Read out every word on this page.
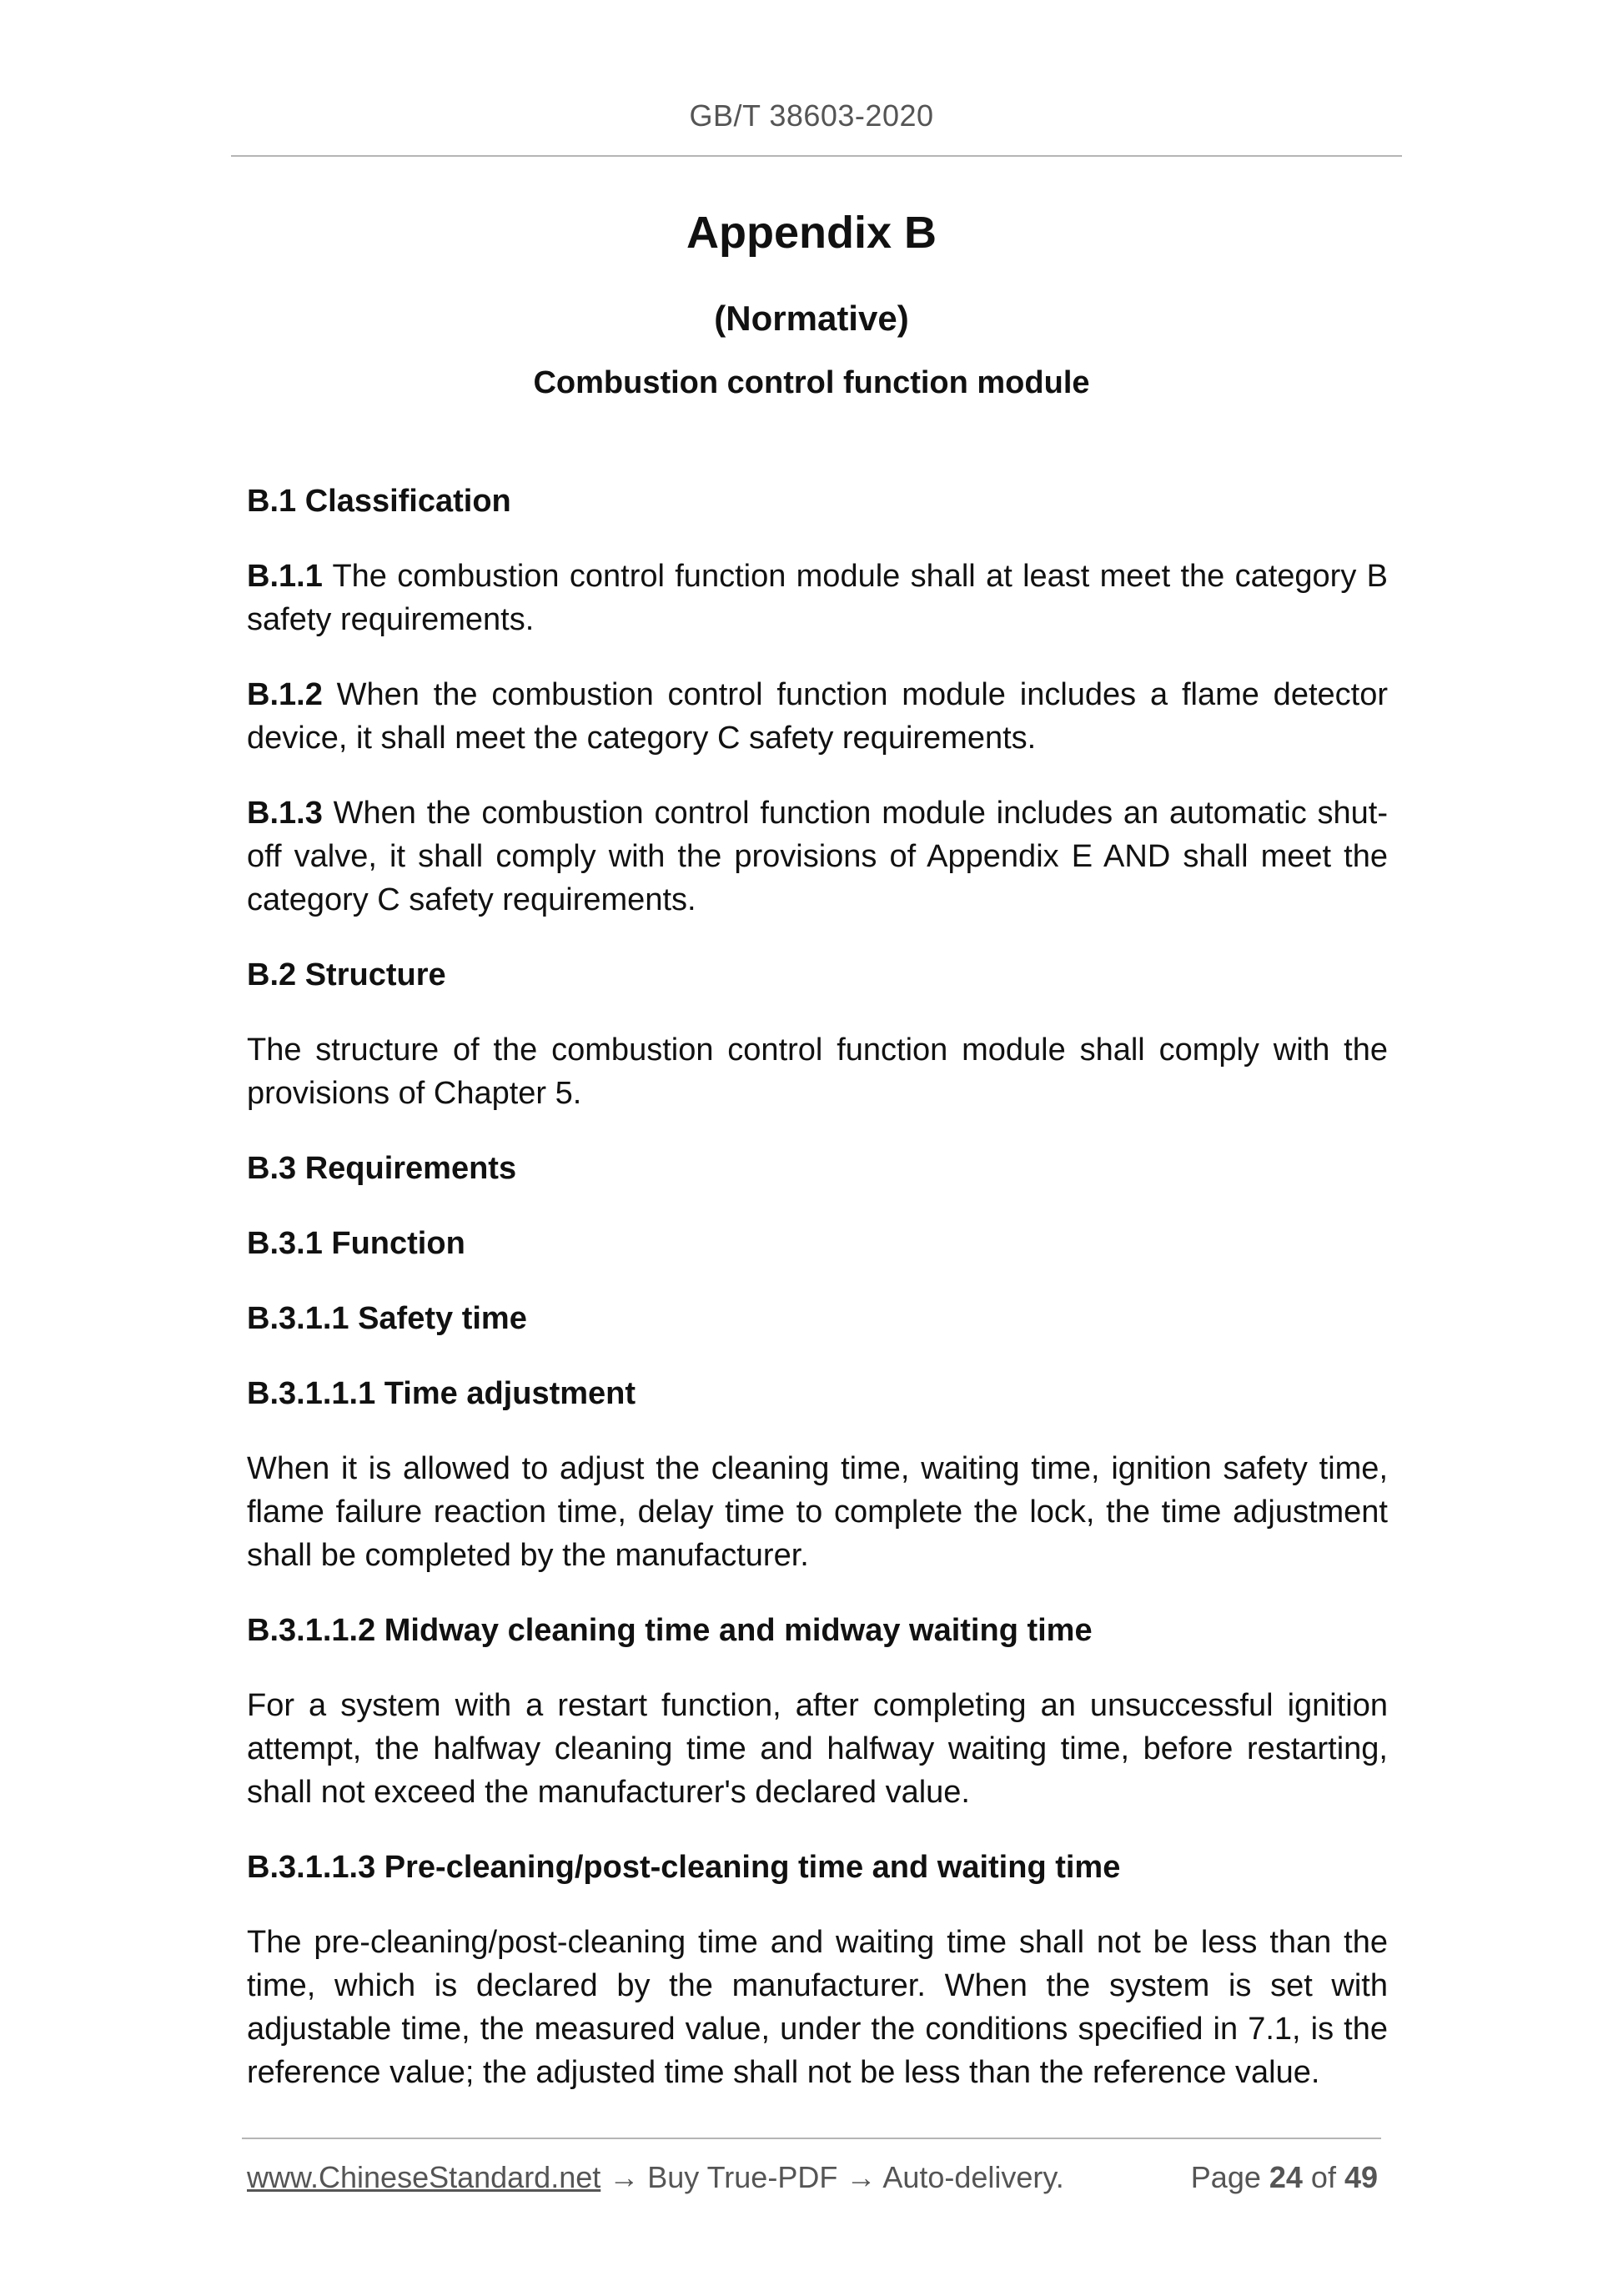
GB/T 38603-2020
Appendix B
(Normative)
Combustion control function module
B.1 Classification
B.1.1 The combustion control function module shall at least meet the category B safety requirements.
B.1.2 When the combustion control function module includes a flame detector device, it shall meet the category C safety requirements.
B.1.3 When the combustion control function module includes an automatic shut-off valve, it shall comply with the provisions of Appendix E AND shall meet the category C safety requirements.
B.2 Structure
The structure of the combustion control function module shall comply with the provisions of Chapter 5.
B.3 Requirements
B.3.1 Function
B.3.1.1 Safety time
B.3.1.1.1 Time adjustment
When it is allowed to adjust the cleaning time, waiting time, ignition safety time, flame failure reaction time, delay time to complete the lock, the time adjustment shall be completed by the manufacturer.
B.3.1.1.2 Midway cleaning time and midway waiting time
For a system with a restart function, after completing an unsuccessful ignition attempt, the halfway cleaning time and halfway waiting time, before restarting, shall not exceed the manufacturer's declared value.
B.3.1.1.3 Pre-cleaning/post-cleaning time and waiting time
The pre-cleaning/post-cleaning time and waiting time shall not be less than the time, which is declared by the manufacturer. When the system is set with adjustable time, the measured value, under the conditions specified in 7.1, is the reference value; the adjusted time shall not be less than the reference value.
www.ChineseStandard.net → Buy True-PDF → Auto-delivery.	Page 24 of 49
